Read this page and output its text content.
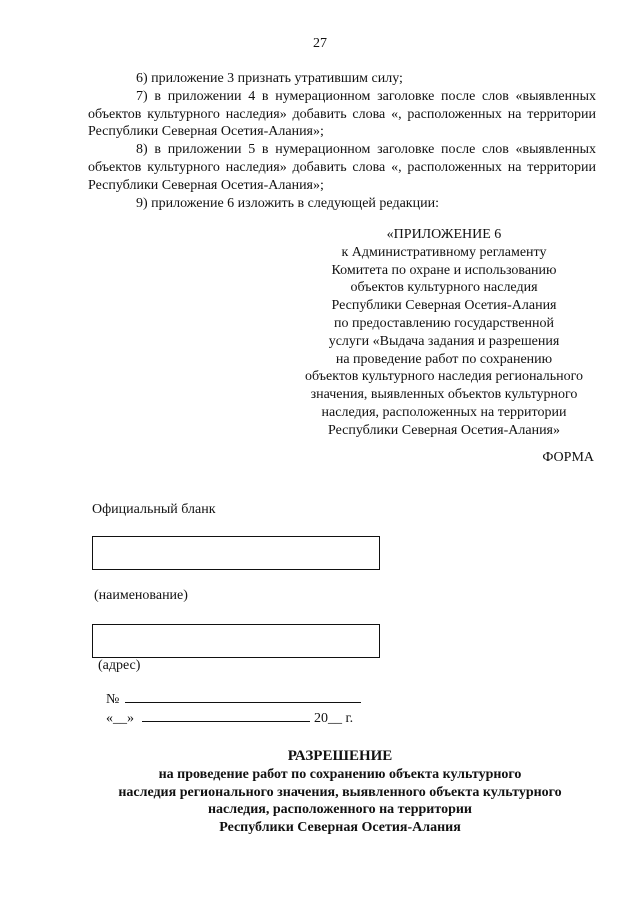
27

6) приложение 3 признать утратившим силу;

7) в приложении 4 в нумерационном заголовке после слов «выявленных объектов культурного наследия» добавить слова «, расположенных на территории Республики Северная Осетия-Алания»;

8) в приложении 5 в нумерационном заголовке после слов «выявленных объектов культурного наследия» добавить слова «, расположенных на территории Республики Северная Осетия-Алания»;

9) приложение 6 изложить в следующей редакции:

«ПРИЛОЖЕНИЕ 6
к Административному регламенту
Комитета по охране и использованию
объектов культурного наследия
Республики Северная Осетия-Алания
по предоставлению государственной
услуги «Выдача задания и разрешения
на проведение работ по сохранению
объектов культурного наследия регионального
значения, выявленных объектов культурного
наследия, расположенных на территории
Республики Северная Осетия-Алания»
ФОРМА
Официальный бланк
(наименование)
(адрес)
№
«__»	20__ г.
РАЗРЕШЕНИЕ
на проведение работ по сохранению объекта культурного
наследия регионального значения, выявленного объекта культурного
наследия, расположенного на территории
Республики Северная Осетия-Алания
